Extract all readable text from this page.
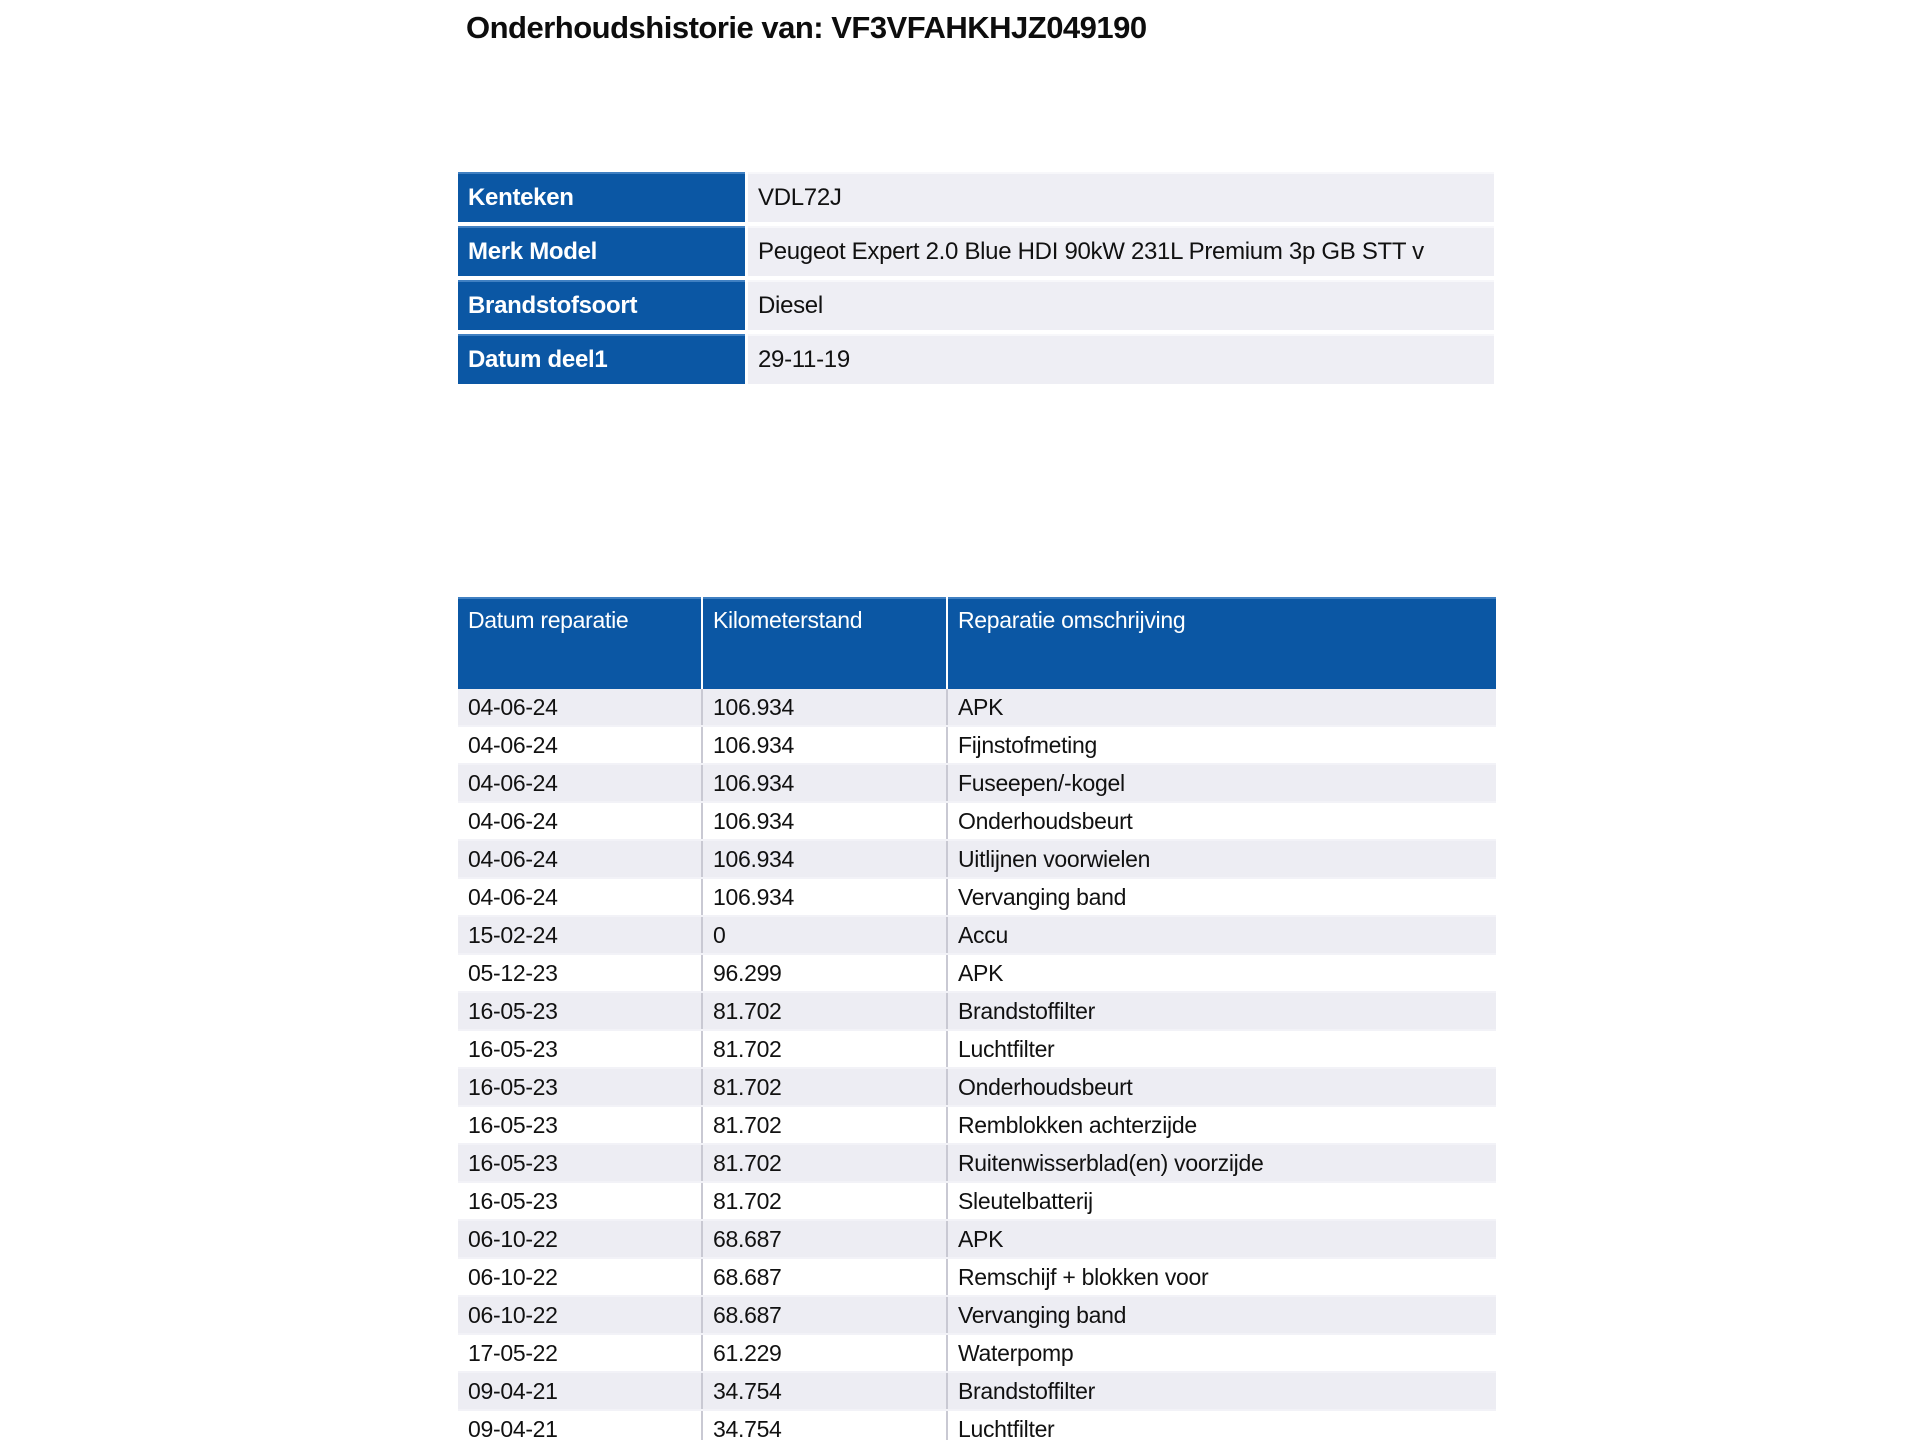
Onderhoudshistorie van: VF3VFAHKHJZ049190
Kenteken	VDL72J
Merk Model	Peugeot Expert 2.0 Blue HDI 90kW 231L Premium 3p GB STT v
Brandstofsoort	Diesel
Datum deel1	29-11-19
Datum reparatie	Kilometerstand	Reparatie omschrijving
04-06-24	106.934	APK
04-06-24	106.934	Fijnstofmeting
04-06-24	106.934	Fuseepen/-kogel
04-06-24	106.934	Onderhoudsbeurt
04-06-24	106.934	Uitlijnen voorwielen
04-06-24	106.934	Vervanging band
15-02-24	0	Accu
05-12-23	96.299	APK
16-05-23	81.702	Brandstoffilter
16-05-23	81.702	Luchtfilter
16-05-23	81.702	Onderhoudsbeurt
16-05-23	81.702	Remblokken achterzijde
16-05-23	81.702	Ruitenwisserblad(en) voorzijde
16-05-23	81.702	Sleutelbatterij
06-10-22	68.687	APK
06-10-22	68.687	Remschijf + blokken voor
06-10-22	68.687	Vervanging band
17-05-22	61.229	Waterpomp
09-04-21	34.754	Brandstoffilter
09-04-21	34.754	Luchtfilter
